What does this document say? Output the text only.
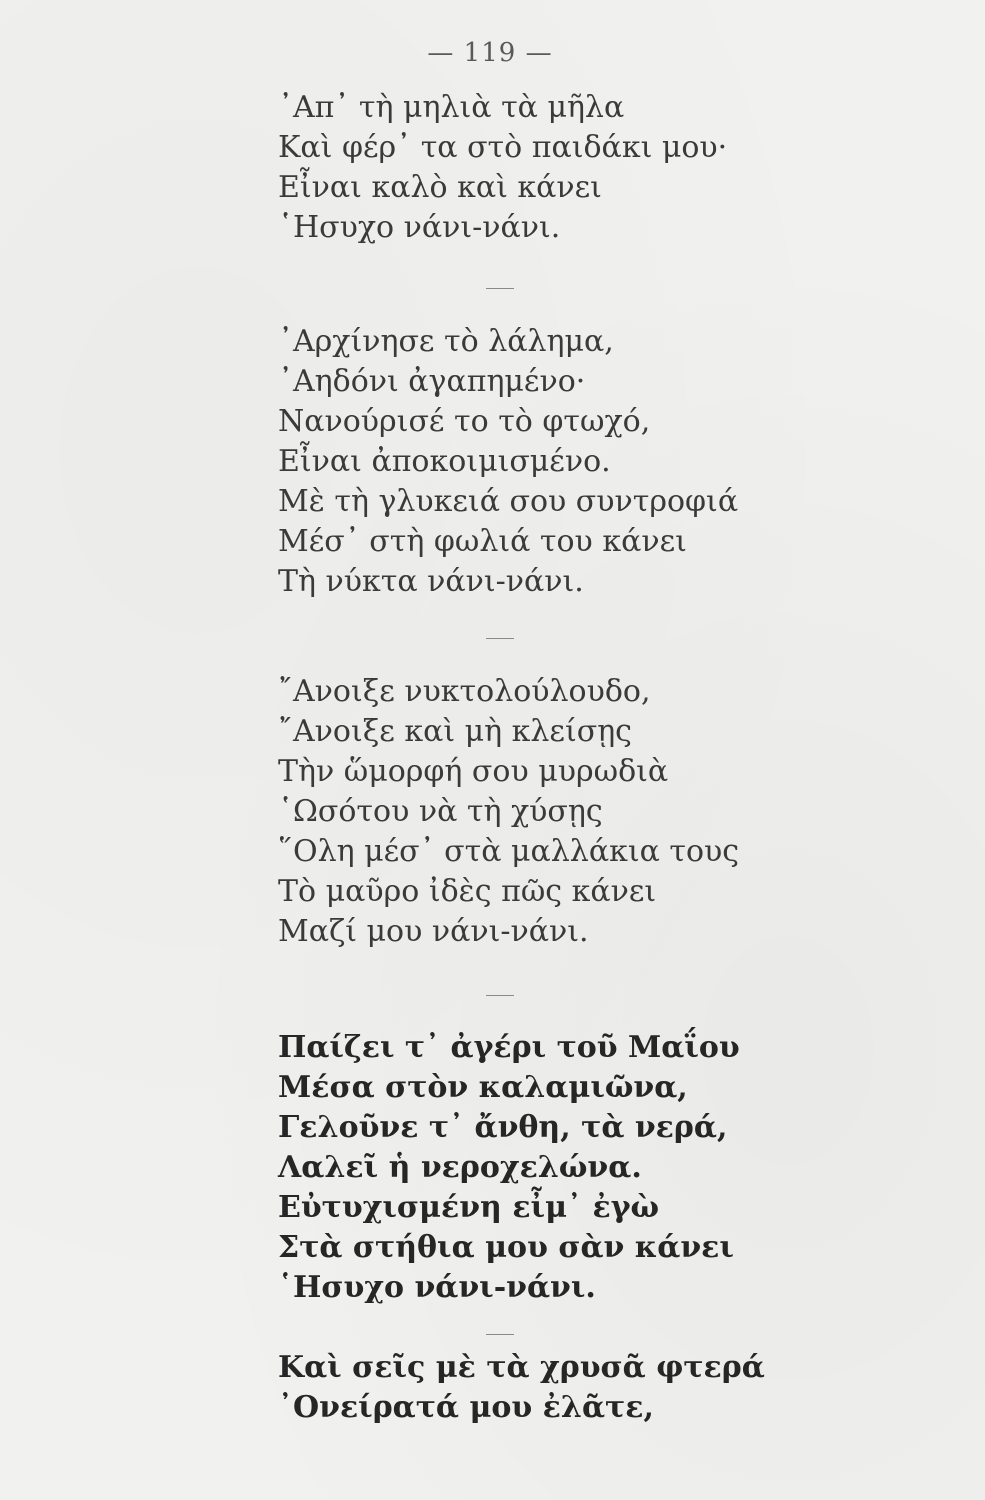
— 119 —
᾿Απ᾿ τὴ μηλιὰ τὰ μῆλα
Καὶ φέρ᾿ τα στὸ παιδάκι μου·
Εἶναι καλὸ καὶ κάνει
῾Ησυχο νάνι-νάνι.
᾿Αρχίνησε τὸ λάλημα,
᾿Αηδόνι ἀγαπημένο·
Νανούρισέ το τὸ φτωχό,
Εἶναι ἀποκοιμισμένο.
Μὲ τὴ γλυκειά σου συντροφιά
Μέσ᾿ στὴ φωλιά του κάνει
Τὴ νύκτα νάνι-νάνι.
῎Ανοιξε νυκτολούλουδο,
῎Ανοιξε καὶ μὴ κλείσῃς
Τὴν ὥμορφή σου μυρωδιὰ
῾Ωσότου νὰ τὴ χύσῃς
῞Ολη μέσ᾿ στὰ μαλλάκια τους
Τὸ μαῦρο ἰδὲς πῶς κάνει
Μαζί μου νάνι-νάνι.
Παίζει τ᾿ ἀγέρι τοῦ Μαΐου
Μέσα στὸν καλαμιῶνα,
Γελοῦνε τ᾿ ἄνθη, τὰ νερά,
Λαλεῖ ἡ νεροχελώνα.
Εὐτυχισμένη εἶμ᾿ ἐγὼ
Στὰ στήθια μου σὰν κάνει
῾Ησυχο νάνι-νάνι.
Καὶ σεῖς μὲ τὰ χρυσᾶ φτερά
᾿Ονείρατά μου ἐλᾶτε,
